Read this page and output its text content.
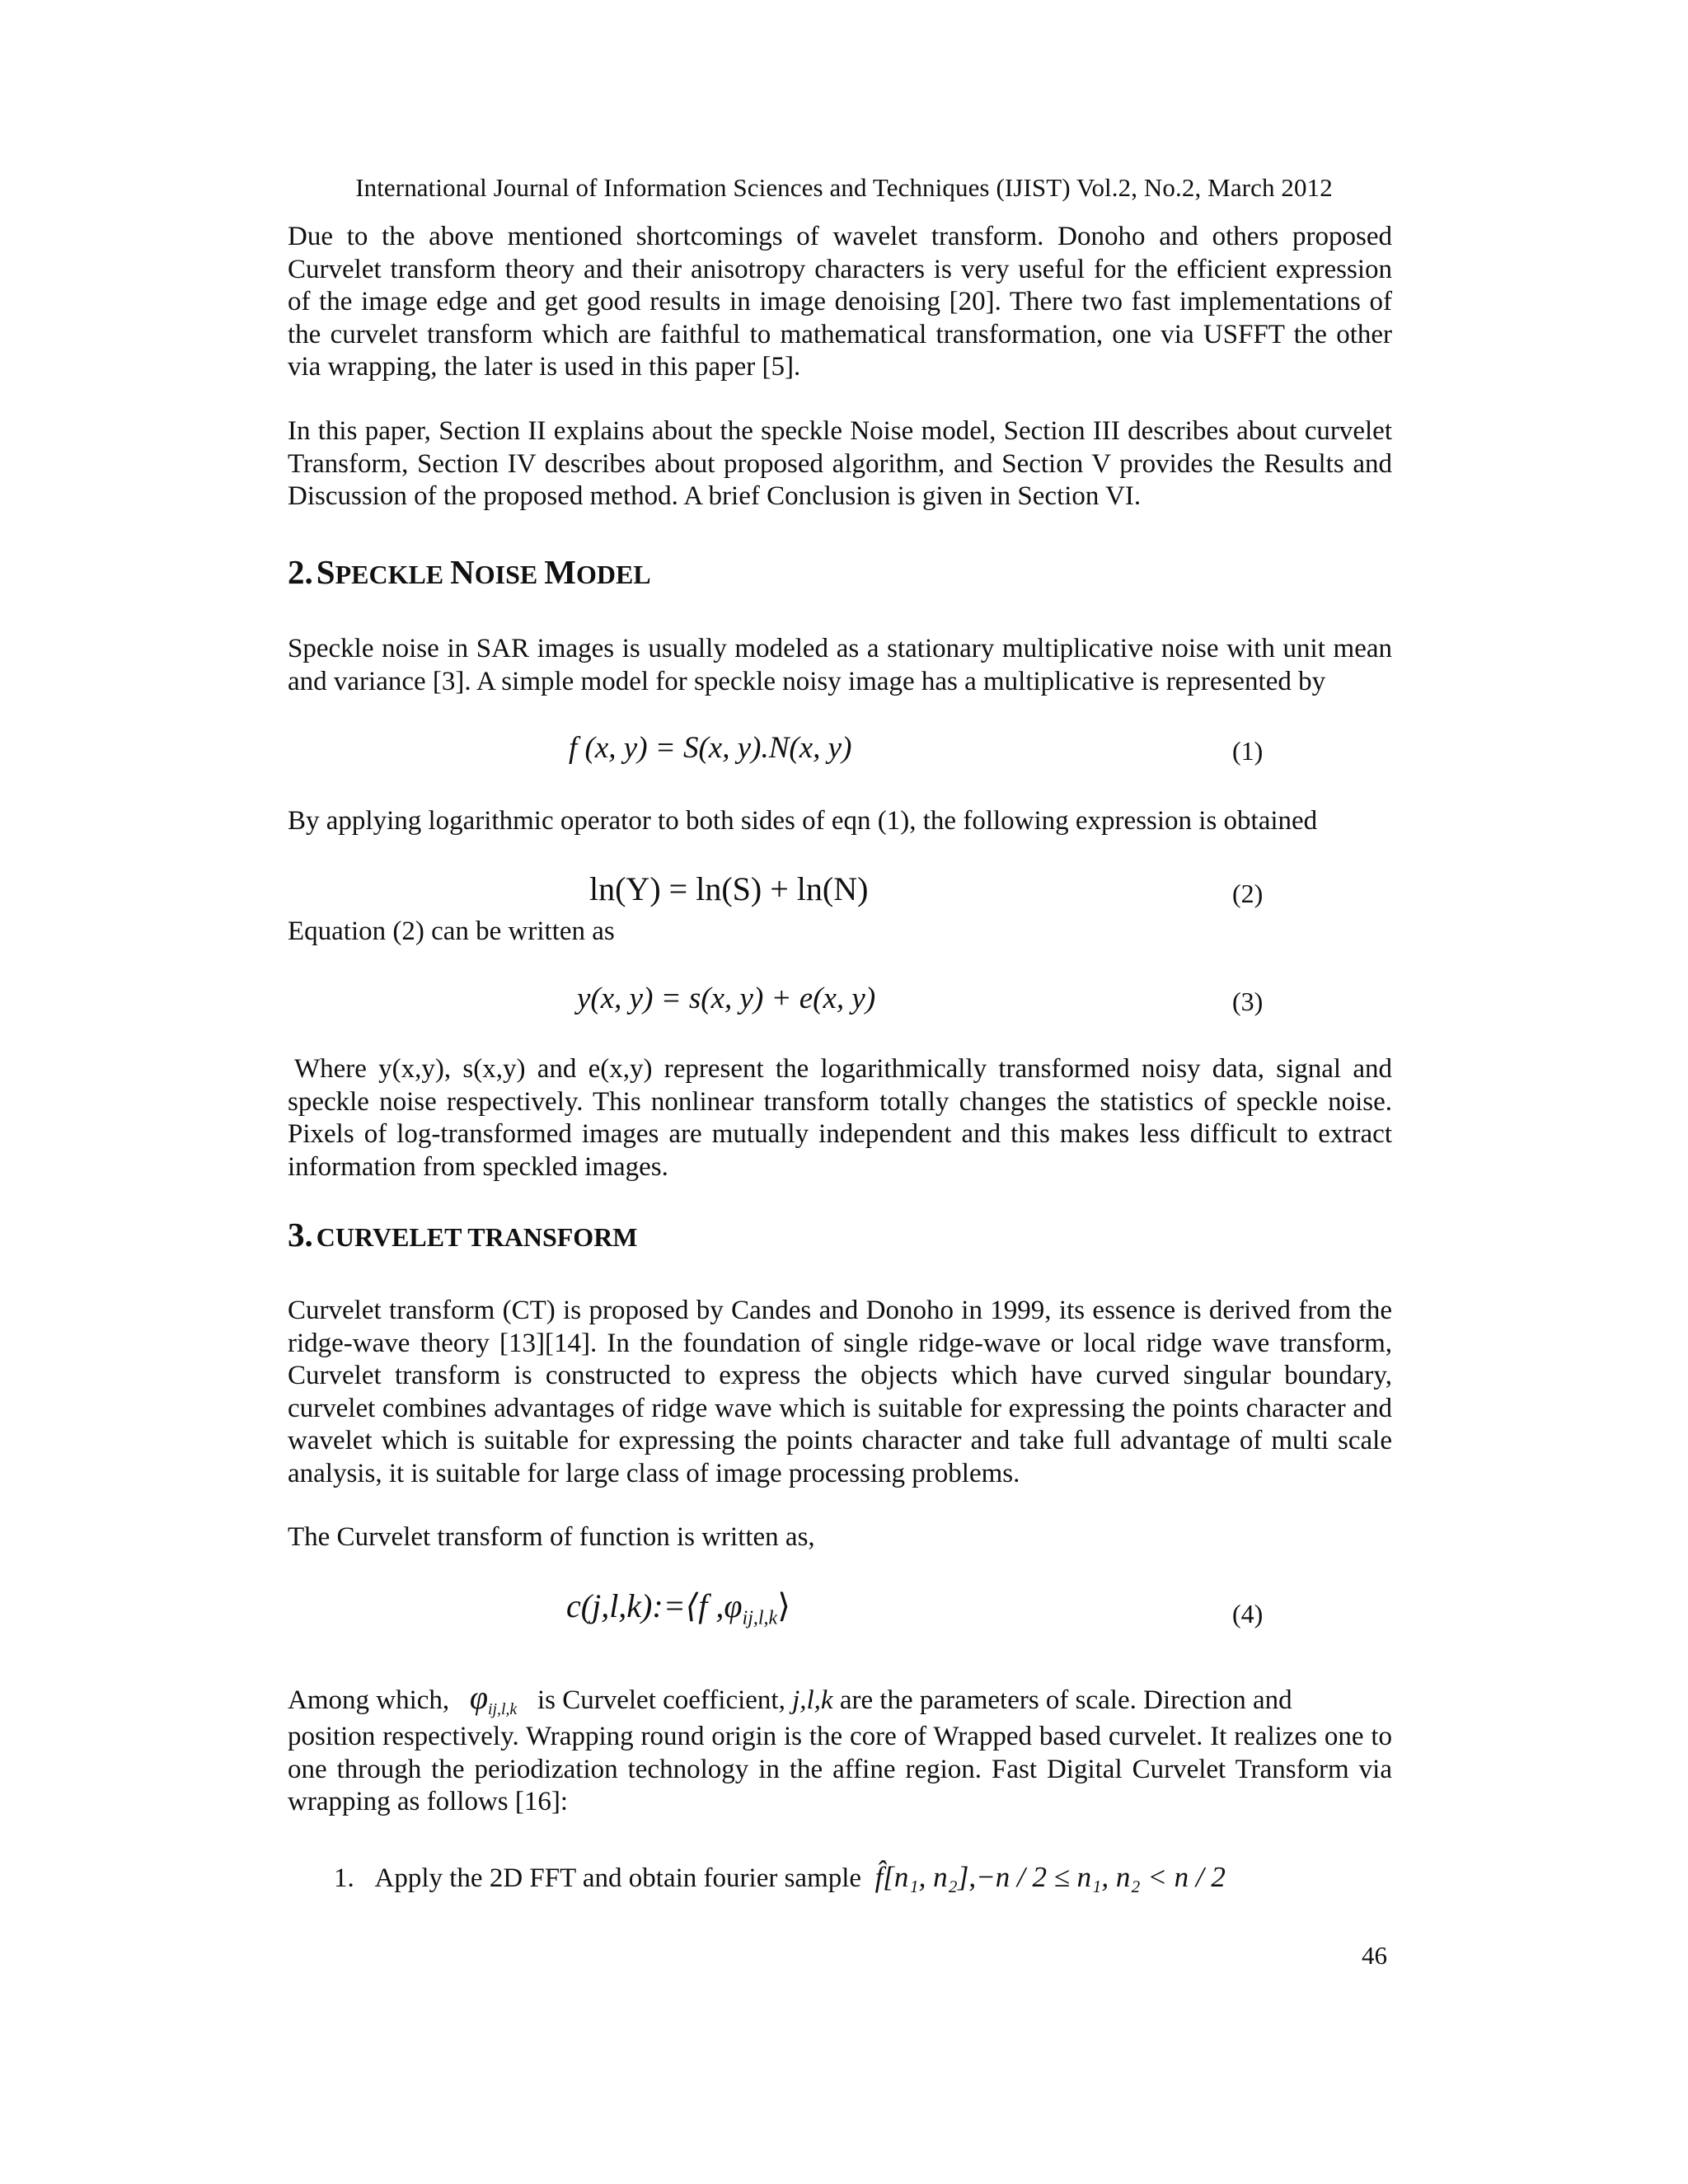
International Journal of Information Sciences and Techniques (IJIST) Vol.2, No.2, March 2012

Due to the above mentioned shortcomings of wavelet transform. Donoho and others proposed Curvelet transform theory and their anisotropy characters is very useful for the efficient expression of the image edge and get good results in image denoising [20]. There two fast implementations of the curvelet transform which are faithful to mathematical transformation, one via USFFT the other via wrapping, the later is used in this paper [5].

In this paper, Section II explains about the speckle Noise model, Section III describes about curvelet Transform, Section IV describes about proposed algorithm, and Section V provides the Results and Discussion of the proposed method. A brief Conclusion is given in Section VI.

2. SPECKLE NOISE MODEL

Speckle noise in SAR images is usually modeled as a stationary multiplicative noise with unit mean and variance [3]. A simple model for speckle noisy image has a multiplicative is represented by

f (x, y) = S(x, y).N(x, y)	(1)

By applying logarithmic operator to both sides of eqn (1), the following expression is obtained

ln(Y) = ln(S) + ln(N)	(2)

Equation (2) can be written as

y(x, y) = s(x, y) + e(x, y)	(3)

Where y(x,y), s(x,y) and e(x,y) represent the logarithmically transformed noisy data, signal and speckle noise respectively. This nonlinear transform totally changes the statistics of speckle noise. Pixels of log-transformed images are mutually independent and this makes less difficult to extract information from speckled images.

3. CURVELET TRANSFORM

Curvelet transform (CT) is proposed by Candes and Donoho in 1999, its essence is derived from the ridge-wave theory [13][14]. In the foundation of single ridge-wave or local ridge wave transform, Curvelet transform is constructed to express the objects which have curved singular boundary, curvelet combines advantages of ridge wave which is suitable for expressing the points character and wavelet which is suitable for expressing the points character and take full advantage of multi scale analysis, it is suitable for large class of image processing problems.

The Curvelet transform of function is written as,

c(j,l,k):=⟨f $,\varphi_{ij,l,k}⟩$	(4)
Among which, $\varphi_{ij,l,k}$ is Curvelet coefficient, j,l,k are the parameters of scale. Direction and

position respectively. Wrapping round origin is the core of Wrapped based curvelet. It realizes one to one through the periodization technology in the affine region. Fast Digital Curvelet Transform via wrapping as follows [16]:

1. Apply the 2D FFT and obtain fourier sample f̂[n₁, n₂],−n / 2 ≤ n₁, n₂ < n / 2
46
